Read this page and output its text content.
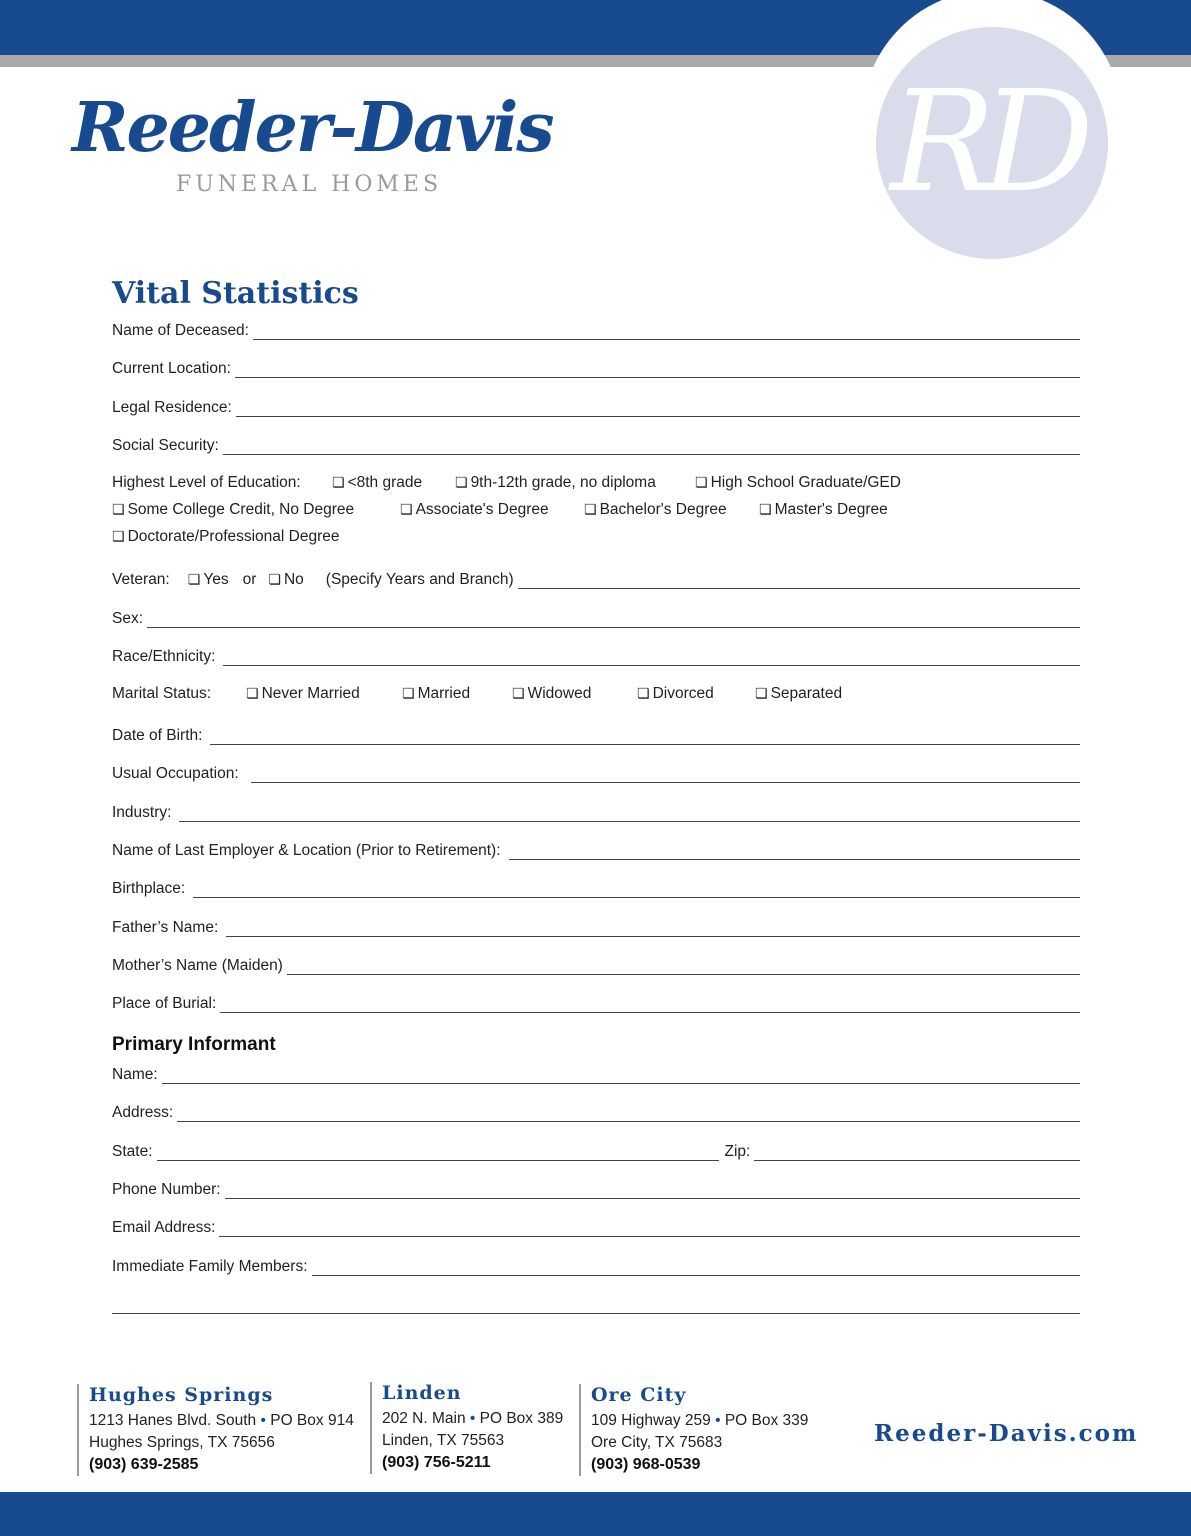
RD
Reeder-Davis
FUNERAL HOMES
Vital Statistics
Name of Deceased:
Current Location:
Legal Residence:
Social Security:
Highest Level of Education: ❏ <8th grade ❏ 9th-12th grade, no diploma	❏ High School Graduate/GED
❏ Some College Credit, No Degree	❏ Associate's Degree	❏ Bachelor's Degree ❏ Master's Degree
❏ Doctorate/Professional Degree
Veteran: ❏ Yes or ❏ No (Specify Years and Branch)
Sex:
Race/Ethnicity:
Marital Status: ❏ Never Married	❏ Married	❏ Widowed	❏ Divorced	❏ Separated
Date of Birth:
Usual Occupation:
Industry:
Name of Last Employer & Location (Prior to Retirement):
Birthplace:
Father’s Name:
Mother’s Name (Maiden)
Place of Burial:
Primary Informant
Name:
Address:
State:	Zip:
Phone Number:
Email Address:
Immediate Family Members:
Hughes Springs
1213 Hanes Blvd. South • PO Box 914
Hughes Springs, TX 75656
(903) 639-2585
Linden
202 N. Main • PO Box 389
Linden, TX 75563
(903) 756-5211
Ore City
109 Highway 259 • PO Box 339
Ore City, TX 75683
(903) 968-0539
Reeder-Davis.com
